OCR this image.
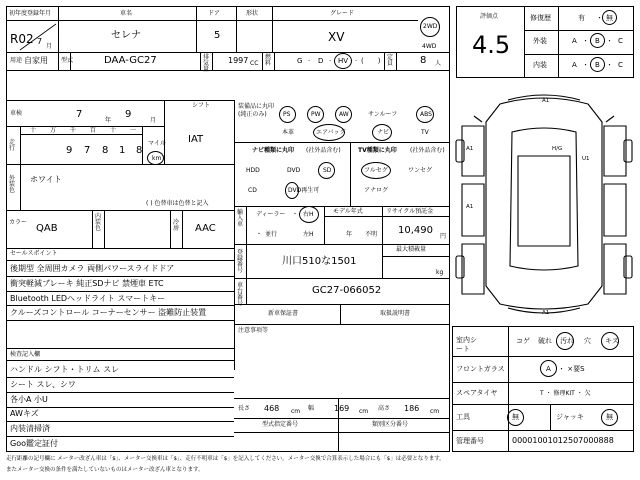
初年度登録年月
R02 7
月
車名
セレナ
ドア
5
形状	グレード
XV
2WD
4WD
用途 自家用 型式	DAA-GC27	排気量
1997 CC
燃料	G · D · HV · (　　) 定員	8 人
評価点
4.5
修復歴	有 ・ 無
外装	A ・ B ・ C
内装	A ・ B ・ C
車検	7
年
9
月
シフト
IAT
走行
十 万 千 百 十 一
9 7 8 1 8
マイル
km
外装色
ホワイト
( ) 色替車は色替と記入
カラー
QAB
内装色
冷房 AAC
セールスポイント
後期型 全周囲カメラ 両側パワースライドドア
衝突軽減ブレーキ 純正SDナビ 禁煙車 ETC
Bluetooth LEDヘッドライト スマートキー
クルーズコントロール コーナーセンサー 盗難防止装置
検査記入欄
ハンドル シフト・トリム スレ
シート スレ、シワ
各小A 小U
AWキズ
内装清掃済
Goo鑑定証付
装備品に丸印
(純正のみ)	PS	PW	AW	サンルーフ	ABS
本革	エアバッグ	ナビ	TV
ナビ種類に丸印 (社外品含む)
HDD	DVD	SD
CD	DVD再生可
TV種類に丸印 (社外品含む)
フルセグ	ワンセグ
アナログ
輸入車
ディーラー ・ 右H
・ 並行	左H
モデル年式
年 不明
リサイクル預託金
10,490
円
登録番号
川口510な1501
最大積載量
kg
車台番号
GC27-066052
新車保証書	取扱説明書
注意事項等
長さ 468 cm 幅 169 cm 高さ 186 cm
型式指定番号	類別区分番号
A1
U1
A1
A1
A1
H/G
室内シート
コゲ 破れ 汚れ 穴 キズ
フロントガラス	A ・ ×要S
スペアタイヤ	T ・ 修理KIT ・ 欠
工具	無	ジャッキ	無
管理番号	00001001012507000888
走行距離の記号欄に メーター改ざん車は「$」、メーター交換車は「$」、走行不明車は「$」を記入してください。メーター交換で合算表示した場合にも「$」は必要となります。
またメーター交換の条件を満たしていないものはメーター改ざん車となります。
